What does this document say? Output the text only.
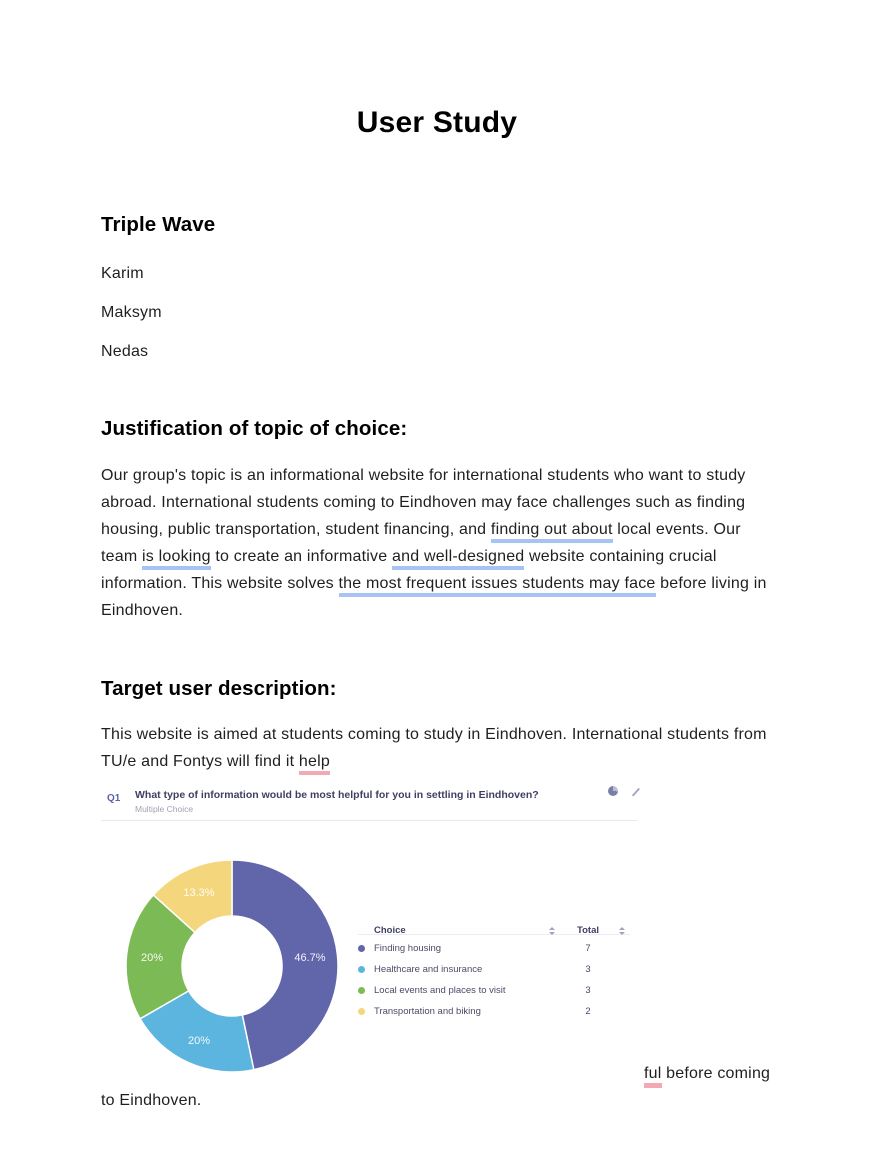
User Study
Triple Wave

Karim

Maksym

Nedas

Justification of topic of choice:

Our group's topic is an informational website for international students who want to study abroad. International students coming to Eindhoven may face challenges such as finding housing, public transportation, student financing, and finding out about local events. Our team is looking to create an informative and well-designed website containing crucial information. This website solves the most frequent issues students may face before living in Eindhoven.

Target user description:

This website is aimed at students coming to study in Eindhoven. International students from TU/e and Fontys will find it help
Q1 What type of information would be most helpful for you in settling in Eindhoven?
Multiple Choice
46.7%
20%
20%
13.3%
Choice	Total
Finding housing	7
Healthcare and insurance	3
Local events and places to visit	3
Transportation and biking	2
ful before coming to Eindhoven.
